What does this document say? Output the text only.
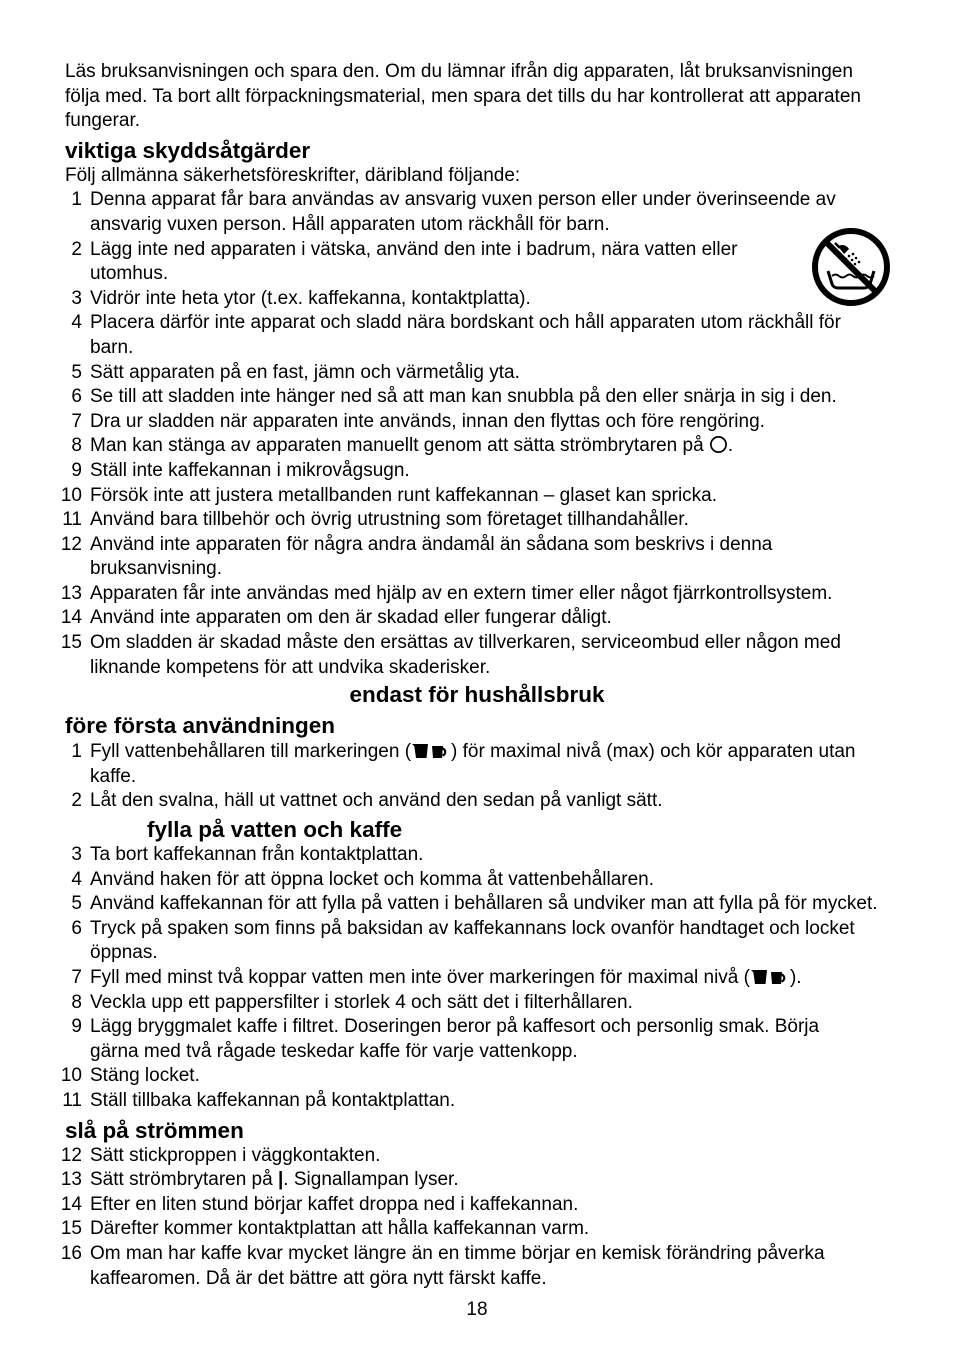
Läs bruksanvisningen och spara den. Om du lämnar ifrån dig apparaten, låt bruksanvisningen
följa med. Ta bort allt förpackningsmaterial, men spara det tills du har kontrollerat att apparaten
fungerar.
viktiga skyddsåtgärder
Följ allmänna säkerhetsföreskrifter, däribland följande:
1 Denna apparat får bara användas av ansvarig vuxen person eller under överinseende av
ansvarig vuxen person. Håll apparaten utom räckhåll för barn.
2 Lägg inte ned apparaten i vätska, använd den inte i badrum, nära vatten eller
utomhus.
3 Vidrör inte heta ytor (t.ex. kaffekanna, kontaktplatta).
4 Placera därför inte apparat och sladd nära bordskant och håll apparaten utom räckhåll för
barn.
5 Sätt apparaten på en fast, jämn och värmetålig yta.
6 Se till att sladden inte hänger ned så att man kan snubbla på den eller snärja in sig i den.
7 Dra ur sladden när apparaten inte används, innan den flyttas och före rengöring.
8 Man kan stänga av apparaten manuellt genom att sätta strömbrytaren på .
9 Ställ inte kaffekannan i mikrovågsugn.
10 Försök inte att justera metallbanden runt kaffekannan – glaset kan spricka.
11 Använd bara tillbehör och övrig utrustning som företaget tillhandahåller.
12 Använd inte apparaten för några andra ändamål än sådana som beskrivs i denna
bruksanvisning.
13 Apparaten får inte användas med hjälp av en extern timer eller något fjärrkontrollsystem.
14 Använd inte apparaten om den är skadad eller fungerar dåligt.
15 Om sladden är skadad måste den ersättas av tillverkaren, serviceombud eller någon med
liknande kompetens för att undvika skaderisker.
endast för hushållsbruk
före första användningen
1 Fyll vattenbehållaren till markeringen ( ) för maximal nivå (max) och kör apparaten utan
kaffe.
2 Låt den svalna, häll ut vattnet och använd den sedan på vanligt sätt.
fylla på vatten och kaffe
3 Ta bort kaffekannan från kontaktplattan.
4 Använd haken för att öppna locket och komma åt vattenbehållaren.
5 Använd kaffekannan för att fylla på vatten i behållaren så undviker man att fylla på för mycket.
6 Tryck på spaken som finns på baksidan av kaffekannans lock ovanför handtaget och locket
öppnas.
7 Fyll med minst två koppar vatten men inte över markeringen för maximal nivå ( ).
8 Veckla upp ett pappersfilter i storlek 4 och sätt det i filterhållaren.
9 Lägg bryggmalet kaffe i filtret. Doseringen beror på kaffesort och personlig smak. Börja
gärna med två rågade teskedar kaffe för varje vattenkopp.
10 Stäng locket.
11 Ställ tillbaka kaffekannan på kontaktplattan.
slå på strömmen
12 Sätt stickproppen i väggkontakten.
13 Sätt strömbrytaren på |. Signallampan lyser.
14 Efter en liten stund börjar kaffet droppa ned i kaffekannan.
15 Därefter kommer kontaktplattan att hålla kaffekannan varm.
16 Om man har kaffe kvar mycket längre än en timme börjar en kemisk förändring påverka
kaffearomen. Då är det bättre att göra nytt färskt kaffe.
18
